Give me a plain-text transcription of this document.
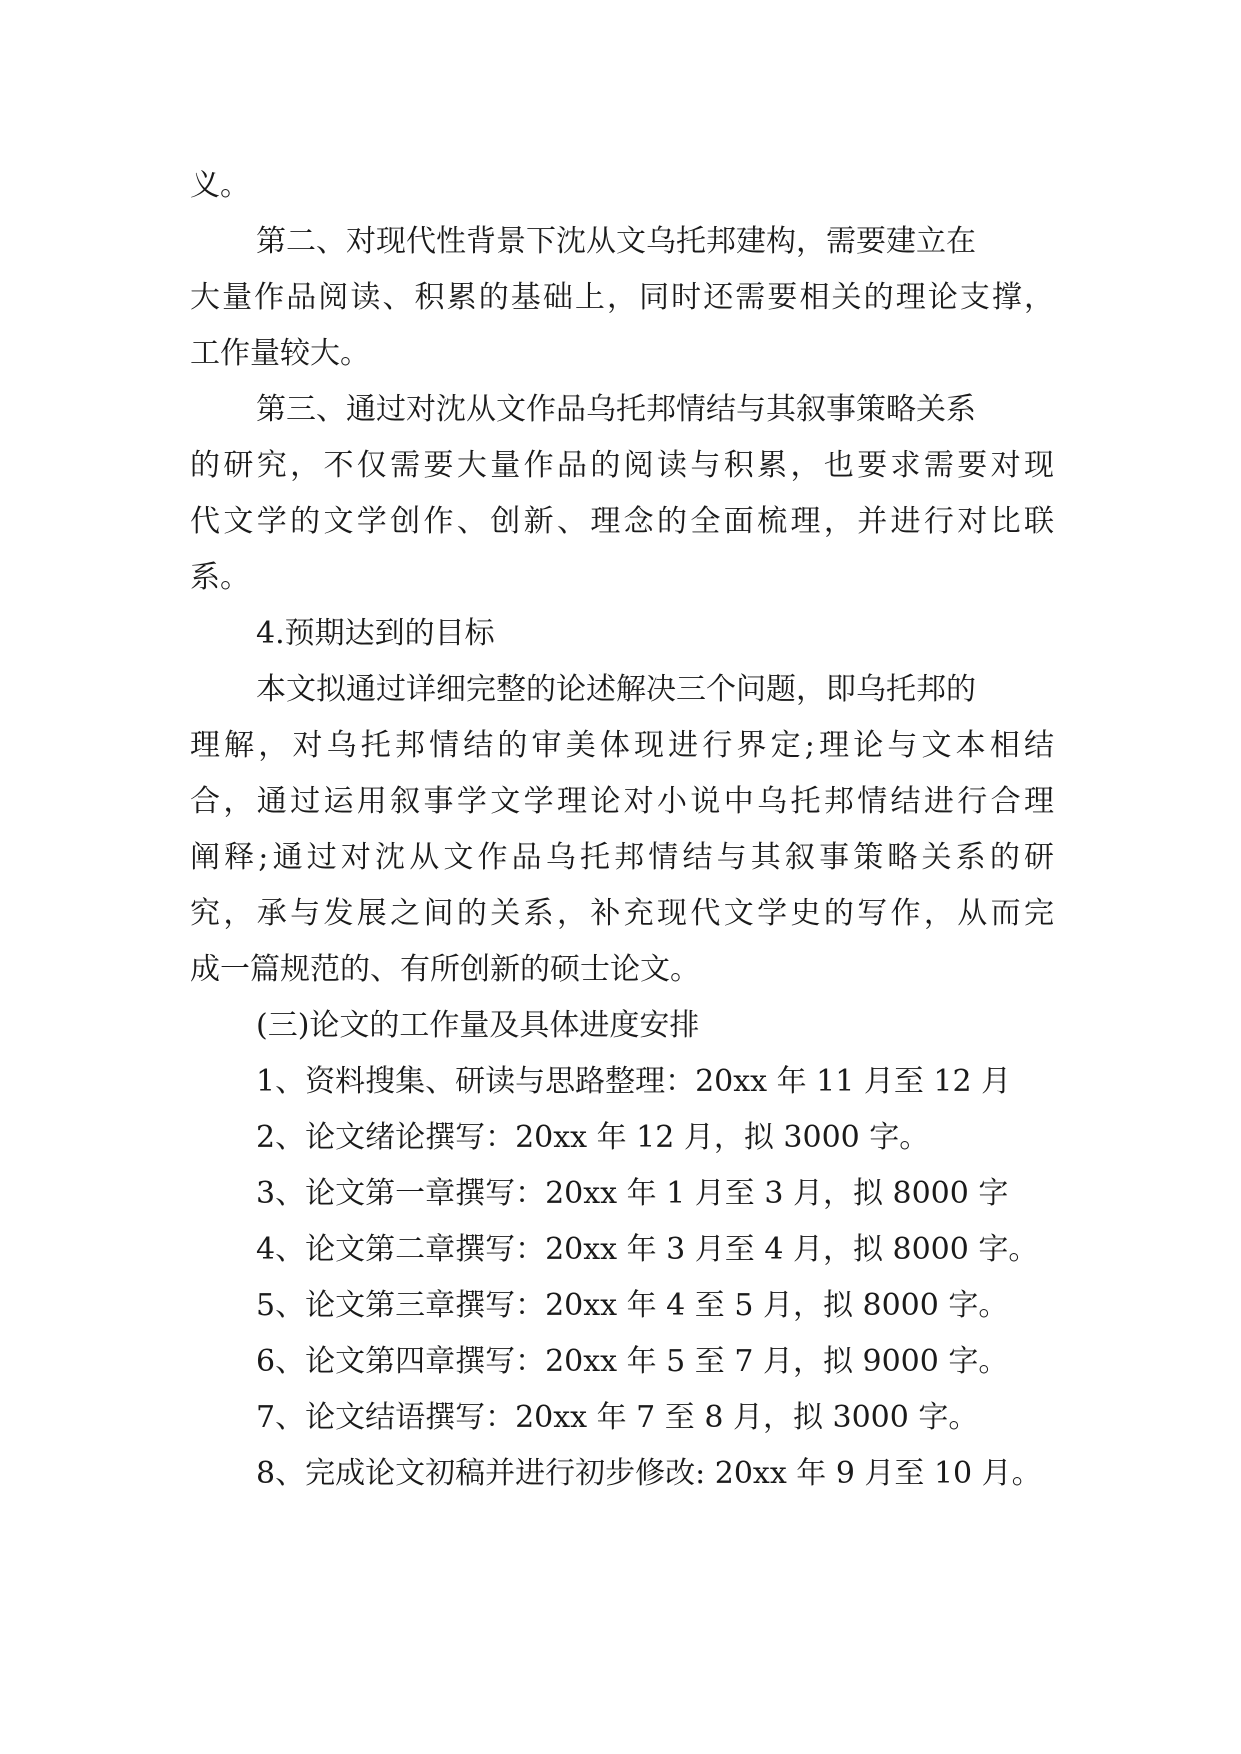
义。
第二、对现代性背景下沈从文乌托邦建构，需要建立在
大量作品阅读、积累的基础上，同时还需要相关的理论支撑，
工作量较大。
第三、通过对沈从文作品乌托邦情结与其叙事策略关系
的研究，不仅需要大量作品的阅读与积累，也要求需要对现
代文学的文学创作、创新、理念的全面梳理，并进行对比联
系。
4.预期达到的目标
本文拟通过详细完整的论述解决三个问题，即乌托邦的
理解，对乌托邦情结的审美体现进行界定;理论与文本相结
合，通过运用叙事学文学理论对小说中乌托邦情结进行合理
阐释;通过对沈从文作品乌托邦情结与其叙事策略关系的研
究，承与发展之间的关系，补充现代文学史的写作，从而完
成一篇规范的、有所创新的硕士论文。
(三)论文的工作量及具体进度安排
1、资料搜集、研读与思路整理：20xx 年 11 月至 12 月
2、论文绪论撰写：20xx 年 12 月，拟 3000 字。
3、论文第一章撰写：20xx 年 1 月至 3 月，拟 8000 字
4、论文第二章撰写：20xx 年 3 月至 4 月，拟 8000 字。
5、论文第三章撰写：20xx 年 4 至 5 月，拟 8000 字。
6、论文第四章撰写：20xx 年 5 至 7 月，拟 9000 字。
7、论文结语撰写：20xx 年 7 至 8 月，拟 3000 字。
8、完成论文初稿并进行初步修改: 20xx 年 9 月至 10 月。
